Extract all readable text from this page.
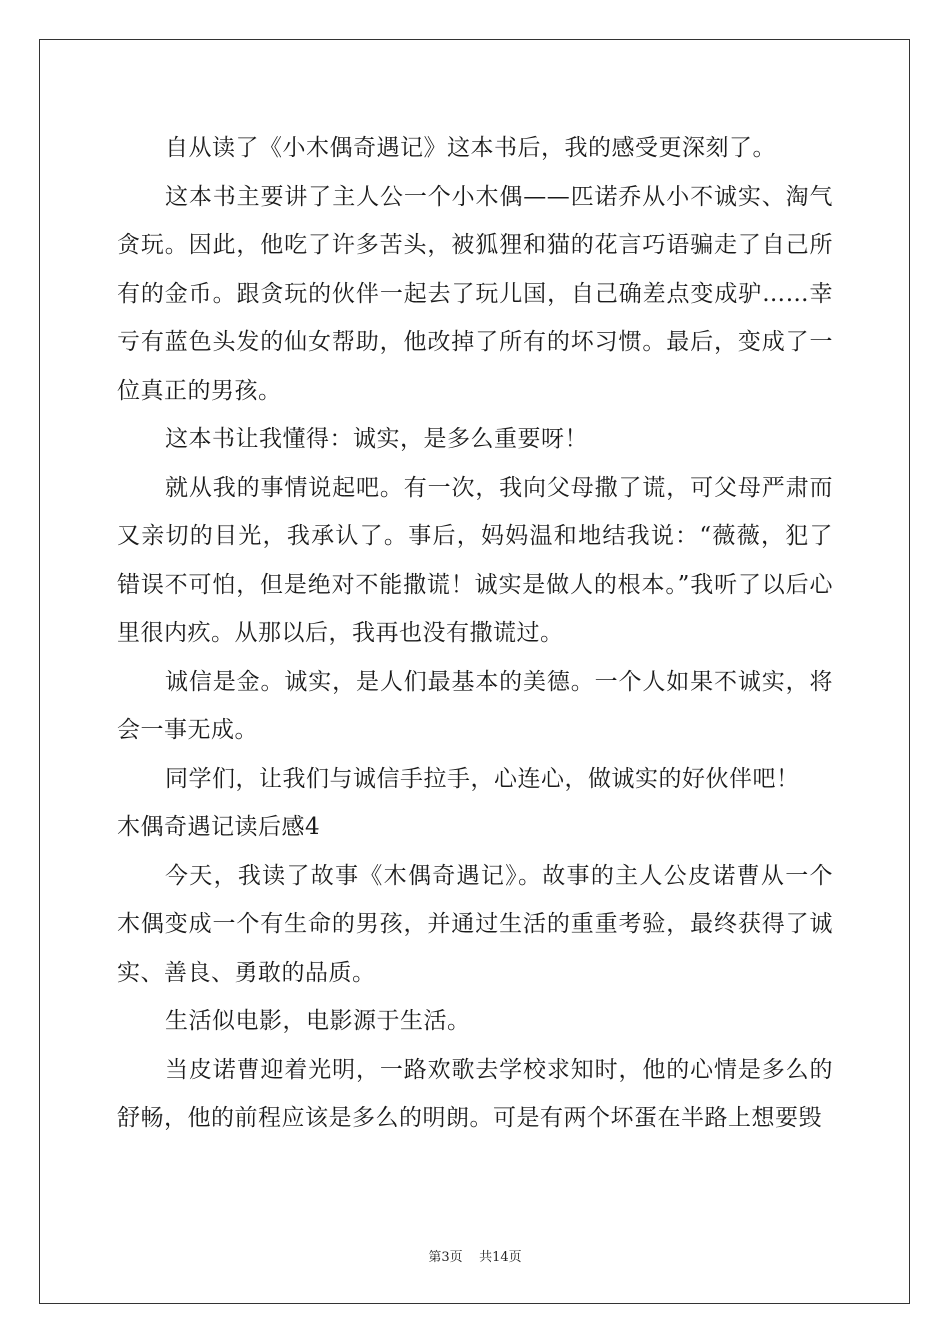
自从读了《小木偶奇遇记》这本书后，我的感受更深刻了。

这本书主要讲了主人公一个小木偶——匹诺乔从小不诚实、淘气贪玩。因此，他吃了许多苦头，被狐狸和猫的花言巧语骗走了自己所有的金币。跟贪玩的伙伴一起去了玩儿国，自己确差点变成驴……幸亏有蓝色头发的仙女帮助，他改掉了所有的坏习惯。最后，变成了一位真正的男孩。

这本书让我懂得：诚实，是多么重要呀！

就从我的事情说起吧。有一次，我向父母撒了谎，可父母严肃而又亲切的目光，我承认了。事后，妈妈温和地结我说：“薇薇，犯了错误不可怕，但是绝对不能撒谎！诚实是做人的根本。”我听了以后心里很内疚。从那以后，我再也没有撒谎过。

诚信是金。诚实，是人们最基本的美德。一个人如果不诚实，将会一事无成。

同学们，让我们与诚信手拉手，心连心，做诚实的好伙伴吧！

木偶奇遇记读后感4

今天，我读了故事《木偶奇遇记》。故事的主人公皮诺曹从一个木偶变成一个有生命的男孩，并通过生活的重重考验，最终获得了诚实、善良、勇敢的品质。

生活似电影，电影源于生活。

当皮诺曹迎着光明，一路欢歌去学校求知时，他的心情是多么的舒畅，他的前程应该是多么的明朗。可是有两个坏蛋在半路上想要毁

第3页 共14页
